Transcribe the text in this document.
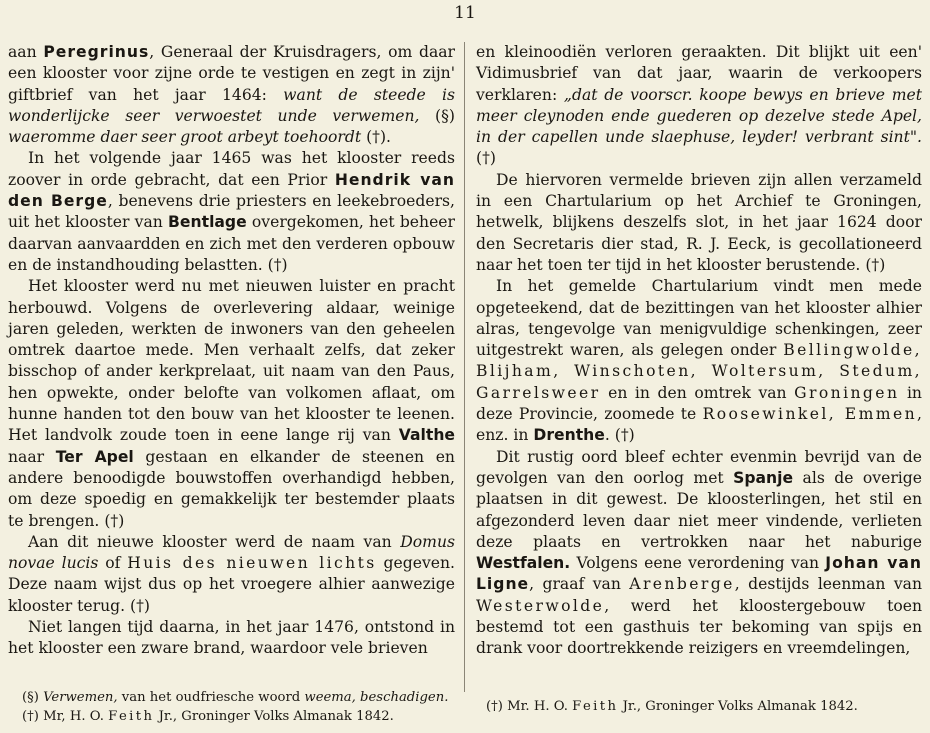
11

aan Peregrinus, Generaal der Kruisdragers, om daar een klooster voor zijne orde te vestigen en zegt in zijn' giftbrief van het jaar 1464: want de steede is wonderlijcke seer verwoestet unde verwemen, (§) waeromme daer seer groot arbeyt toehoordt (†).

In het volgende jaar 1465 was het klooster reeds zoover in orde gebracht, dat een Prior Hendrik van den Berge, benevens drie priesters en leekebroeders, uit het klooster van Bentlage overgekomen, het beheer daarvan aanvaardden en zich met den verderen opbouw en de instandhouding belastten. (†)

Het klooster werd nu met nieuwen luister en pracht herbouwd. Volgens de overlevering aldaar, weinige jaren geleden, werkten de inwoners van den geheelen omtrek daartoe mede. Men verhaalt zelfs, dat zeker bisschop of ander kerkprelaat, uit naam van den Paus, hen opwekte, onder belofte van volkomen aflaat, om hunne handen tot den bouw van het klooster te leenen. Het landvolk zoude toen in eene lange rij van Valthe naar Ter Apel gestaan en elkander de steenen en andere benoodigde bouwstoffen overhandigd hebben, om deze spoedig en gemakkelijk ter bestemder plaats te brengen. (†)

Aan dit nieuwe klooster werd de naam van Domus novae lucis of Huis des nieuwen lichts gegeven. Deze naam wijst dus op het vroegere alhier aanwezige klooster terug. (†)

Niet langen tijd daarna, in het jaar 1476, ontstond in het klooster een zware brand, waardoor vele brieven

en kleinoodiën verloren geraakten. Dit blijkt uit een' Vidimusbrief van dat jaar, waarin de verkoopers verklaren: „dat de voorscr. koope bewys en brieve met meer cleynoden ende guederen op dezelve stede Apel, in der capellen unde slaephuse, leyder! verbrant sint". (†)

De hiervoren vermelde brieven zijn allen verzameld in een Chartularium op het Archief te Groningen, hetwelk, blijkens deszelfs slot, in het jaar 1624 door den Secretaris dier stad, R. J. Eeck, is gecollationeerd naar het toen ter tijd in het klooster berustende. (†)

In het gemelde Chartularium vindt men mede opgeteekend, dat de bezittingen van het klooster alhier alras, tengevolge van menigvuldige schenkingen, zeer uitgestrekt waren, als gelegen onder Bellingwolde, Blijham, Winschoten, Woltersum, Stedum, Garrelsweer en in den omtrek van Groningen in deze Provincie, zoomede te Roosewinkel, Emmen, enz. in Drenthe. (†)

Dit rustig oord bleef echter evenmin bevrijd van de gevolgen van den oorlog met Spanje als de overige plaatsen in dit gewest. De kloosterlingen, het stil en afgezonderd leven daar niet meer vindende, verlieten deze plaats en vertrokken naar het naburige Westfalen. Volgens eene verordening van Johan van Ligne, graaf van Arenberge, destijds leenman van Westerwolde, werd het kloostergebouw toen bestemd tot een gasthuis ter bekoming van spijs en drank voor doortrekkende reizigers en vreemdelingen,

(§) Verwemen, van het oudfriesche woord weema, beschadigen.
(†) Mr, H. O. Feith Jr., Groninger Volks Almanak 1842.
(†) Mr. H. O. Feith Jr., Groninger Volks Almanak 1842.
